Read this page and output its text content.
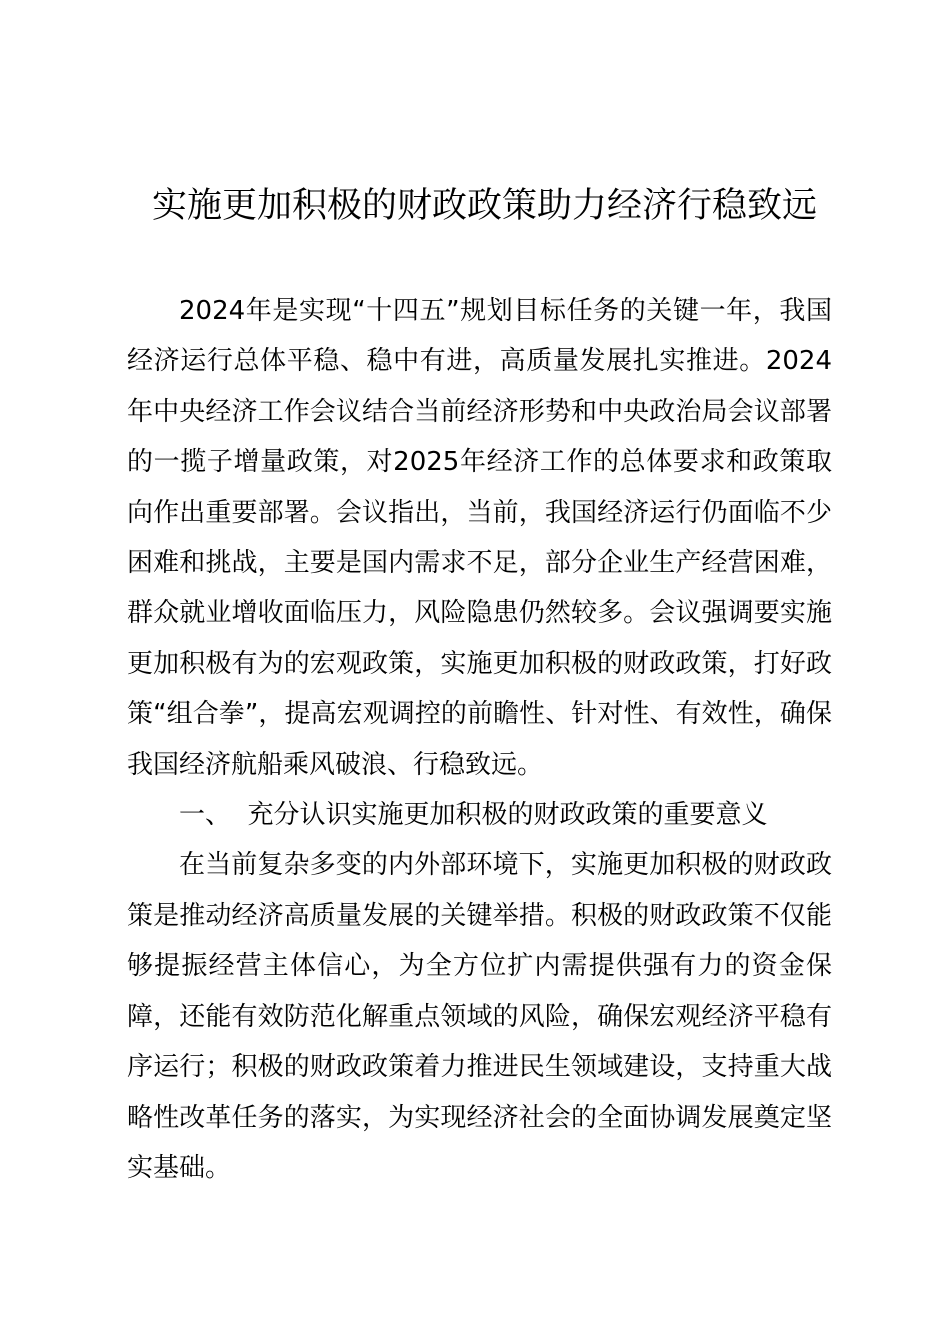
实施更加积极的财政政策助力经济行稳致远

2024年是实现“十四五”规划目标任务的关键一年，我国经济运行总体平稳、稳中有进，高质量发展扎实推进。2024年中央经济工作会议结合当前经济形势和中央政治局会议部署的一揽子增量政策，对2025年经济工作的总体要求和政策取向作出重要部署。会议指出，当前，我国经济运行仍面临不少困难和挑战，主要是国内需求不足，部分企业生产经营困难，群众就业增收面临压力，风险隐患仍然较多。会议强调要实施更加积极有为的宏观政策，实施更加积极的财政政策，打好政策“组合拳”，提高宏观调控的前瞻性、针对性、有效性，确保我国经济航船乘风破浪、行稳致远。

一、  充分认识实施更加积极的财政政策的重要意义

在当前复杂多变的内外部环境下，实施更加积极的财政政策是推动经济高质量发展的关键举措。积极的财政政策不仅能够提振经营主体信心，为全方位扩内需提供强有力的资金保障，还能有效防范化解重点领域的风险，确保宏观经济平稳有序运行；积极的财政政策着力推进民生领域建设，支持重大战略性改革任务的落实，为实现经济社会的全面协调发展奠定坚实基础。
